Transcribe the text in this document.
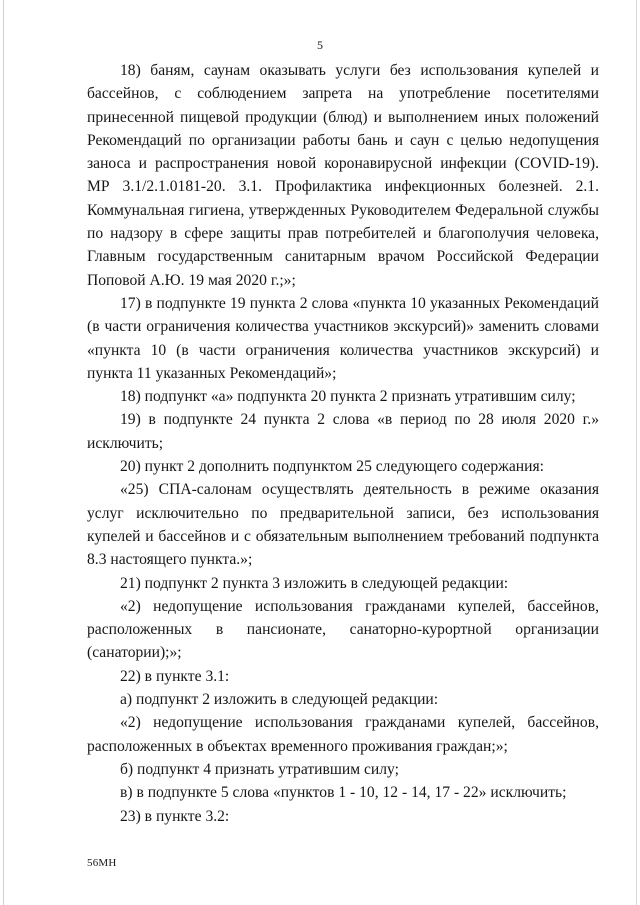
5

18) баням, саунам оказывать услуги без использования купелей и бассейнов, с соблюдением запрета на употребление посетителями принесенной пищевой продукции (блюд) и выполнением иных положений Рекомендаций по организации работы бань и саун с целью недопущения заноса и распространения новой коронавирусной инфекции (COVID-19). МР 3.1/2.1.0181-20. 3.1. Профилактика инфекционных болезней. 2.1. Коммунальная гигиена, утвержденных Руководителем Федеральной службы по надзору в сфере защиты прав потребителей и благополучия человека, Главным государственным санитарным врачом Российской Федерации Поповой А.Ю. 19 мая 2020 г.;»;

17) в подпункте 19 пункта 2 слова «пункта 10 указанных Рекомендаций (в части ограничения количества участников экскурсий)» заменить словами «пункта 10 (в части ограничения количества участников экскурсий) и пункта 11 указанных Рекомендаций»;

18) подпункт «а» подпункта 20 пункта 2 признать утратившим силу;

19) в подпункте 24 пункта 2 слова «в период по 28 июля 2020 г.» исключить;

20) пункт 2 дополнить подпунктом 25 следующего содержания:

«25) СПА-салонам осуществлять деятельность в режиме оказания услуг исключительно по предварительной записи, без использования купелей и бассейнов и с обязательным выполнением требований подпункта 8.3 настоящего пункта.»;

21) подпункт 2 пункта 3 изложить в следующей редакции:

«2) недопущение использования гражданами купелей, бассейнов, расположенных в пансионате, санаторно-курортной организации (санатории);»;

22) в пункте 3.1:

а) подпункт 2 изложить в следующей редакции:

«2) недопущение использования гражданами купелей, бассейнов, расположенных в объектах временного проживания граждан;»;

б) подпункт 4 признать утратившим силу;

в) в подпункте 5 слова «пунктов 1 - 10, 12 - 14, 17 - 22» исключить;

23) в пункте 3.2:

56МН
